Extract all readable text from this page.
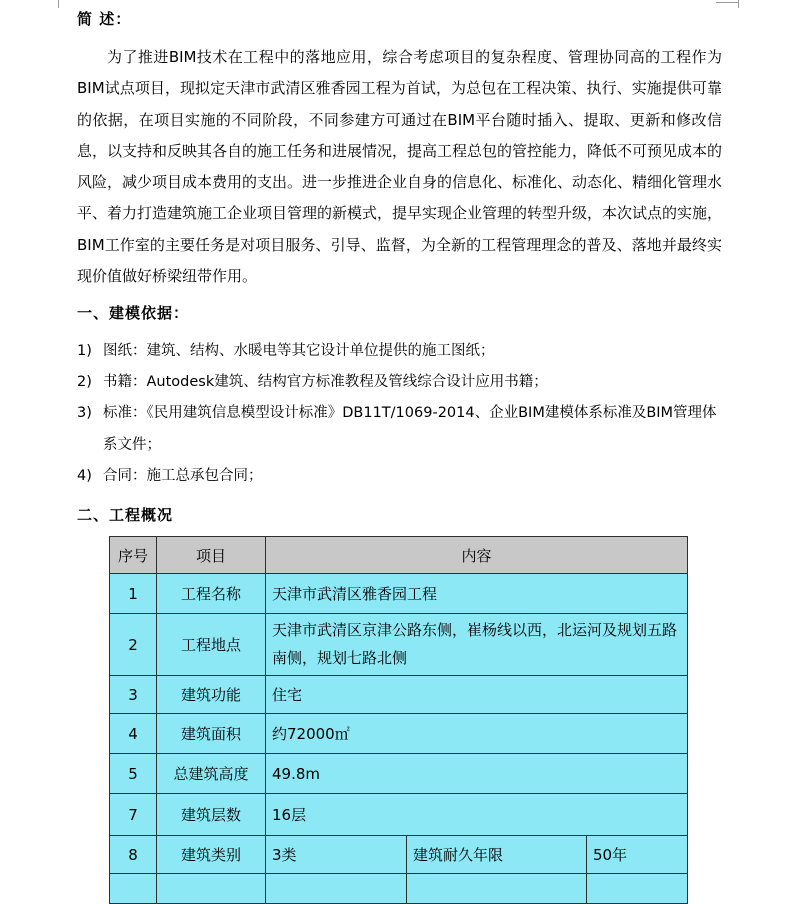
简 述：
为了推进BIM技术在工程中的落地应用，综合考虑项目的复杂程度、管理协同高的工程作为BIM试点项目，现拟定天津市武清区雅香园工程为首试，为总包在工程决策、执行、实施提供可靠的依据，在项目实施的不同阶段，不同参建方可通过在BIM平台随时插入、提取、更新和修改信息，以支持和反映其各自的施工任务和进展情况，提高工程总包的管控能力，降低不可预见成本的风险，减少项目成本费用的支出。进一步推进企业自身的信息化、标准化、动态化、精细化管理水平、着力打造建筑施工企业项目管理的新模式，提早实现企业管理的转型升级，本次试点的实施，BIM工作室的主要任务是对项目服务、引导、监督，为全新的工程管理理念的普及、落地并最终实现价值做好桥梁纽带作用。
一、建模依据：
1) 图纸：建筑、结构、水暖电等其它设计单位提供的施工图纸；
2) 书籍：Autodesk建筑、结构官方标准教程及管线综合设计应用书籍；
3) 标准：《民用建筑信息模型设计标准》DB11T/1069-2014、企业BIM建模体系标准及BIM管理体系文件；
4) 合同：施工总承包合同；
二、工程概况
序号	项目	内容		
1	工程名称	天津市武清区雅香园工程		
2	工程地点	天津市武清区京津公路东侧，崔杨线以西，北运河及规划五路南侧，规划七路北侧		
3	建筑功能	住宅		
4	建筑面积	约72000㎡		
5	总建筑高度	49.8m		
7	建筑层数	16层		
8	建筑类别	3类	建筑耐久年限	50年
